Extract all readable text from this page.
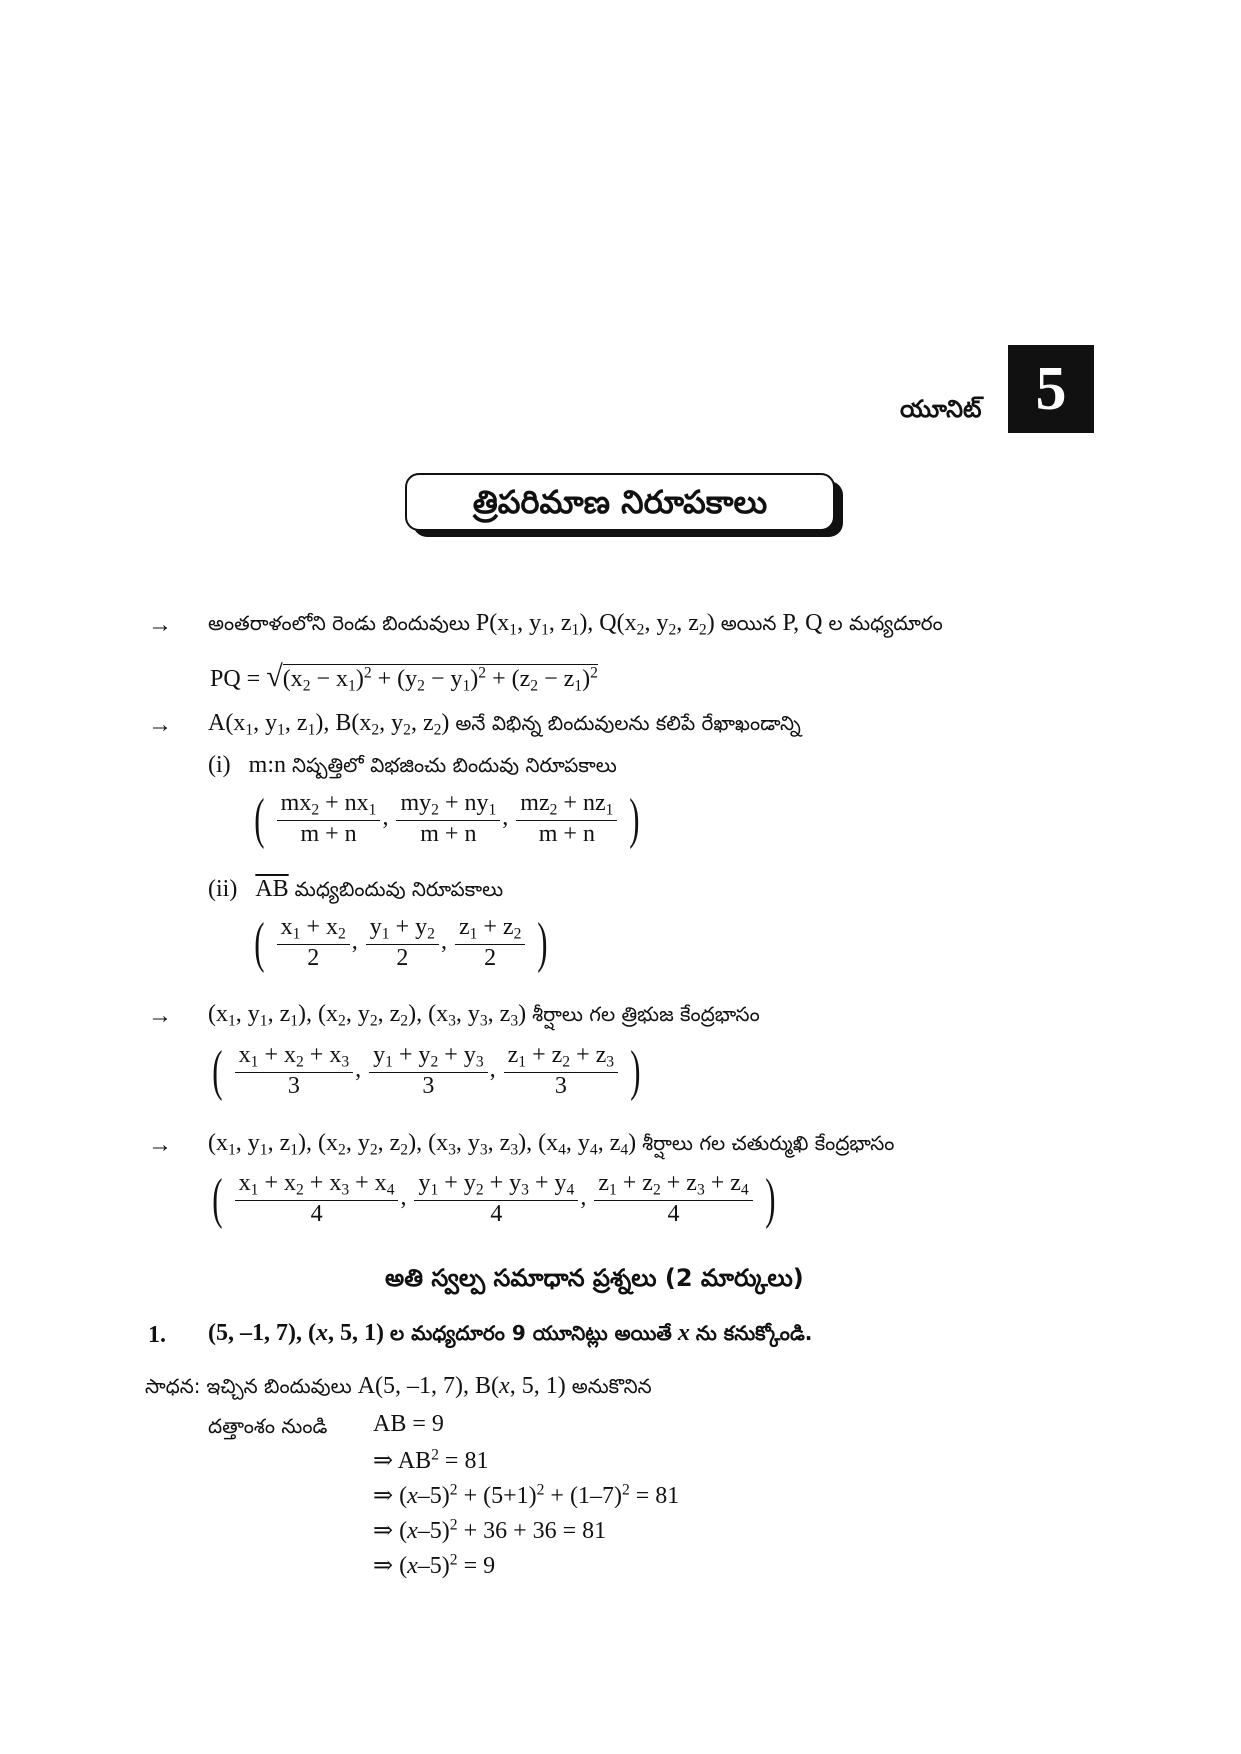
యూనిట్ 5
త్రిపరిమాణ నిరూపకాలు
→ అంతరాళంలోని రెండు బిందువులు $P(x_1$, $y_1$, $z_1$), $Q(x_2$, $y_2$, $z_2$) అయిన P, Q ల మధ్యదూరం
PQ = $√(x_2 - x_1)^2 + (y_2 - y_1)^2 + (z_2 - z_1)^2$
→ $A(x_1$, $y_1$, $z_1$), $B(x_2$, $y_2$, $z_2$) అనే విభిన్న బిందువులను కలిపే రేఖాఖండాన్ని
(i) m:n నిష్పత్తిలో విభజించు బిందువు నిరూపకాలు
( $\frac{mx_2 + nx_1}{m + n}$ , $\frac{my_2 + ny_1}{m + n}$ , $\frac{mz_2 + nz_1}{m + n}$ )
(ii) $\overline{AB}$ మధ్యబిందువు నిరూపకాలు
( $\frac{x_1 + x_2}{2}$ , $\frac{y_1 + y_2}{2}$ , $\frac{z_1 + z_2}{2}$ )
→ ($x_1$, $y_1$, $z_1$), ($x_2$, $y_2$, $z_2$), ($x_3$, $y_3$, $z_3$) శీర్షాలు గల త్రిభుజ కేంద్రభాసం
( $\frac{x_1 + x_2 + x_3}{3}$ , $\frac{y_1 + y_2 + y_3}{3}$ , $\frac{z_1 + z_2 + z_3}{3}$ )
→ ($x_1$, $y_1$, $z_1$), ($x_2$, $y_2$, $z_2$), ($x_3$, $y_3$, $z_3$), ($x_4$, $y_4$, $z_4$) శీర్షాలు గల చతుర్ముఖి కేంద్రభాసం
( $\frac{x_1 + x_2 + x_3 + x_4}{4}$ , $\frac{y_1 + y_2 + y_3 + y_4}{4}$ , $\frac{z_1 + z_2 + z_3 + z_4}{4}$ )
అతి స్వల్ప సమాధాన ప్రశ్నలు (2 మార్కులు)
1. (5, –1, 7), (x, 5, 1) ల మధ్యదూరం 9 యూనిట్లు అయితే x ను కనుక్కోండి.
సాధన: ఇచ్చిన బిందువులు A(5, –1, 7), B(x, 5, 1) అనుకొనిన
దత్తాంశం నుండి AB = 9
⇒ $AB^2 = 81$
⇒ $(x-5)^2 + (5+1)^2 + (1-7)^2 = 81$
⇒ $(x-5)^2 + 36 + 36 = 81$
⇒ $(x-5)^2 = 9$
